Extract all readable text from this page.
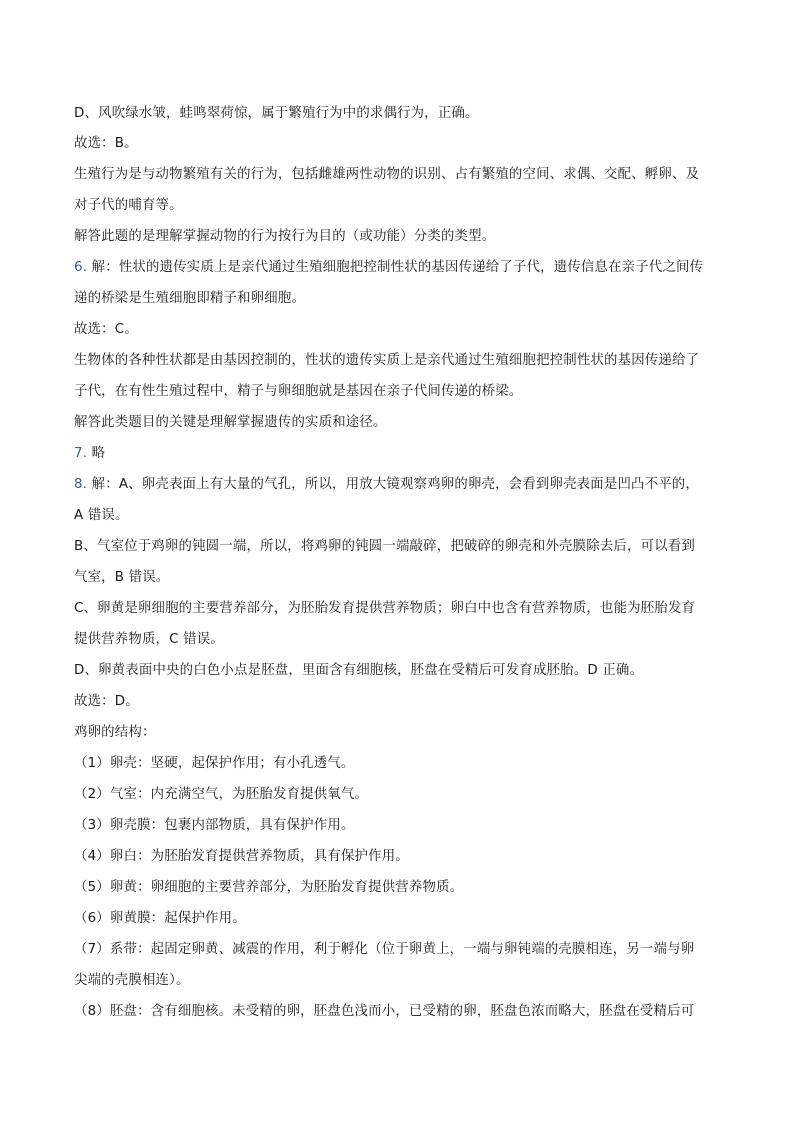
D、风吹绿水皱，蛙鸣翠荷惊，属于繁殖行为中的求偶行为，正确。
故选：B。
生殖行为是与动物繁殖有关的行为，包括雌雄两性动物的识别、占有繁殖的空间、求偶、交配、孵卵、及
对子代的哺育等。
解答此题的是理解掌握动物的行为按行为目的（或功能）分类的类型。
6. 解：性状的遗传实质上是亲代通过生殖细胞把控制性状的基因传递给了子代，遗传信息在亲子代之间传
递的桥梁是生殖细胞即精子和卵细胞。
故选：C。
生物体的各种性状都是由基因控制的，性状的遗传实质上是亲代通过生殖细胞把控制性状的基因传递给了
子代，在有性生殖过程中，精子与卵细胞就是基因在亲子代间传递的桥梁。
解答此类题目的关键是理解掌握遗传的实质和途径。
7. 略
8. 解：A、卵壳表面上有大量的气孔，所以，用放大镜观察鸡卵的卵壳，会看到卵壳表面是凹凸不平的，
A 错误。
B、气室位于鸡卵的钝圆一端，所以，将鸡卵的钝圆一端敲碎，把破碎的卵壳和外壳膜除去后，可以看到
气室，B 错误。
C、卵黄是卵细胞的主要营养部分，为胚胎发育提供营养物质；卵白中也含有营养物质，也能为胚胎发育
提供营养物质，C 错误。
D、卵黄表面中央的白色小点是胚盘，里面含有细胞核，胚盘在受精后可发育成胚胎。D 正确。
故选：D。
鸡卵的结构：
（1）卵壳：坚硬，起保护作用；有小孔透气。
（2）气室：内充满空气，为胚胎发育提供氧气。
（3）卵壳膜：包裹内部物质，具有保护作用。
（4）卵白：为胚胎发育提供营养物质，具有保护作用。
（5）卵黄：卵细胞的主要营养部分，为胚胎发育提供营养物质。
（6）卵黄膜：起保护作用。
（7）系带：起固定卵黄、减震的作用，利于孵化（位于卵黄上，一端与卵钝端的壳膜相连，另一端与卵
尖端的壳膜相连）。
（8）胚盘：含有细胞核。未受精的卵，胚盘色浅而小，已受精的卵，胚盘色浓而略大，胚盘在受精后可
